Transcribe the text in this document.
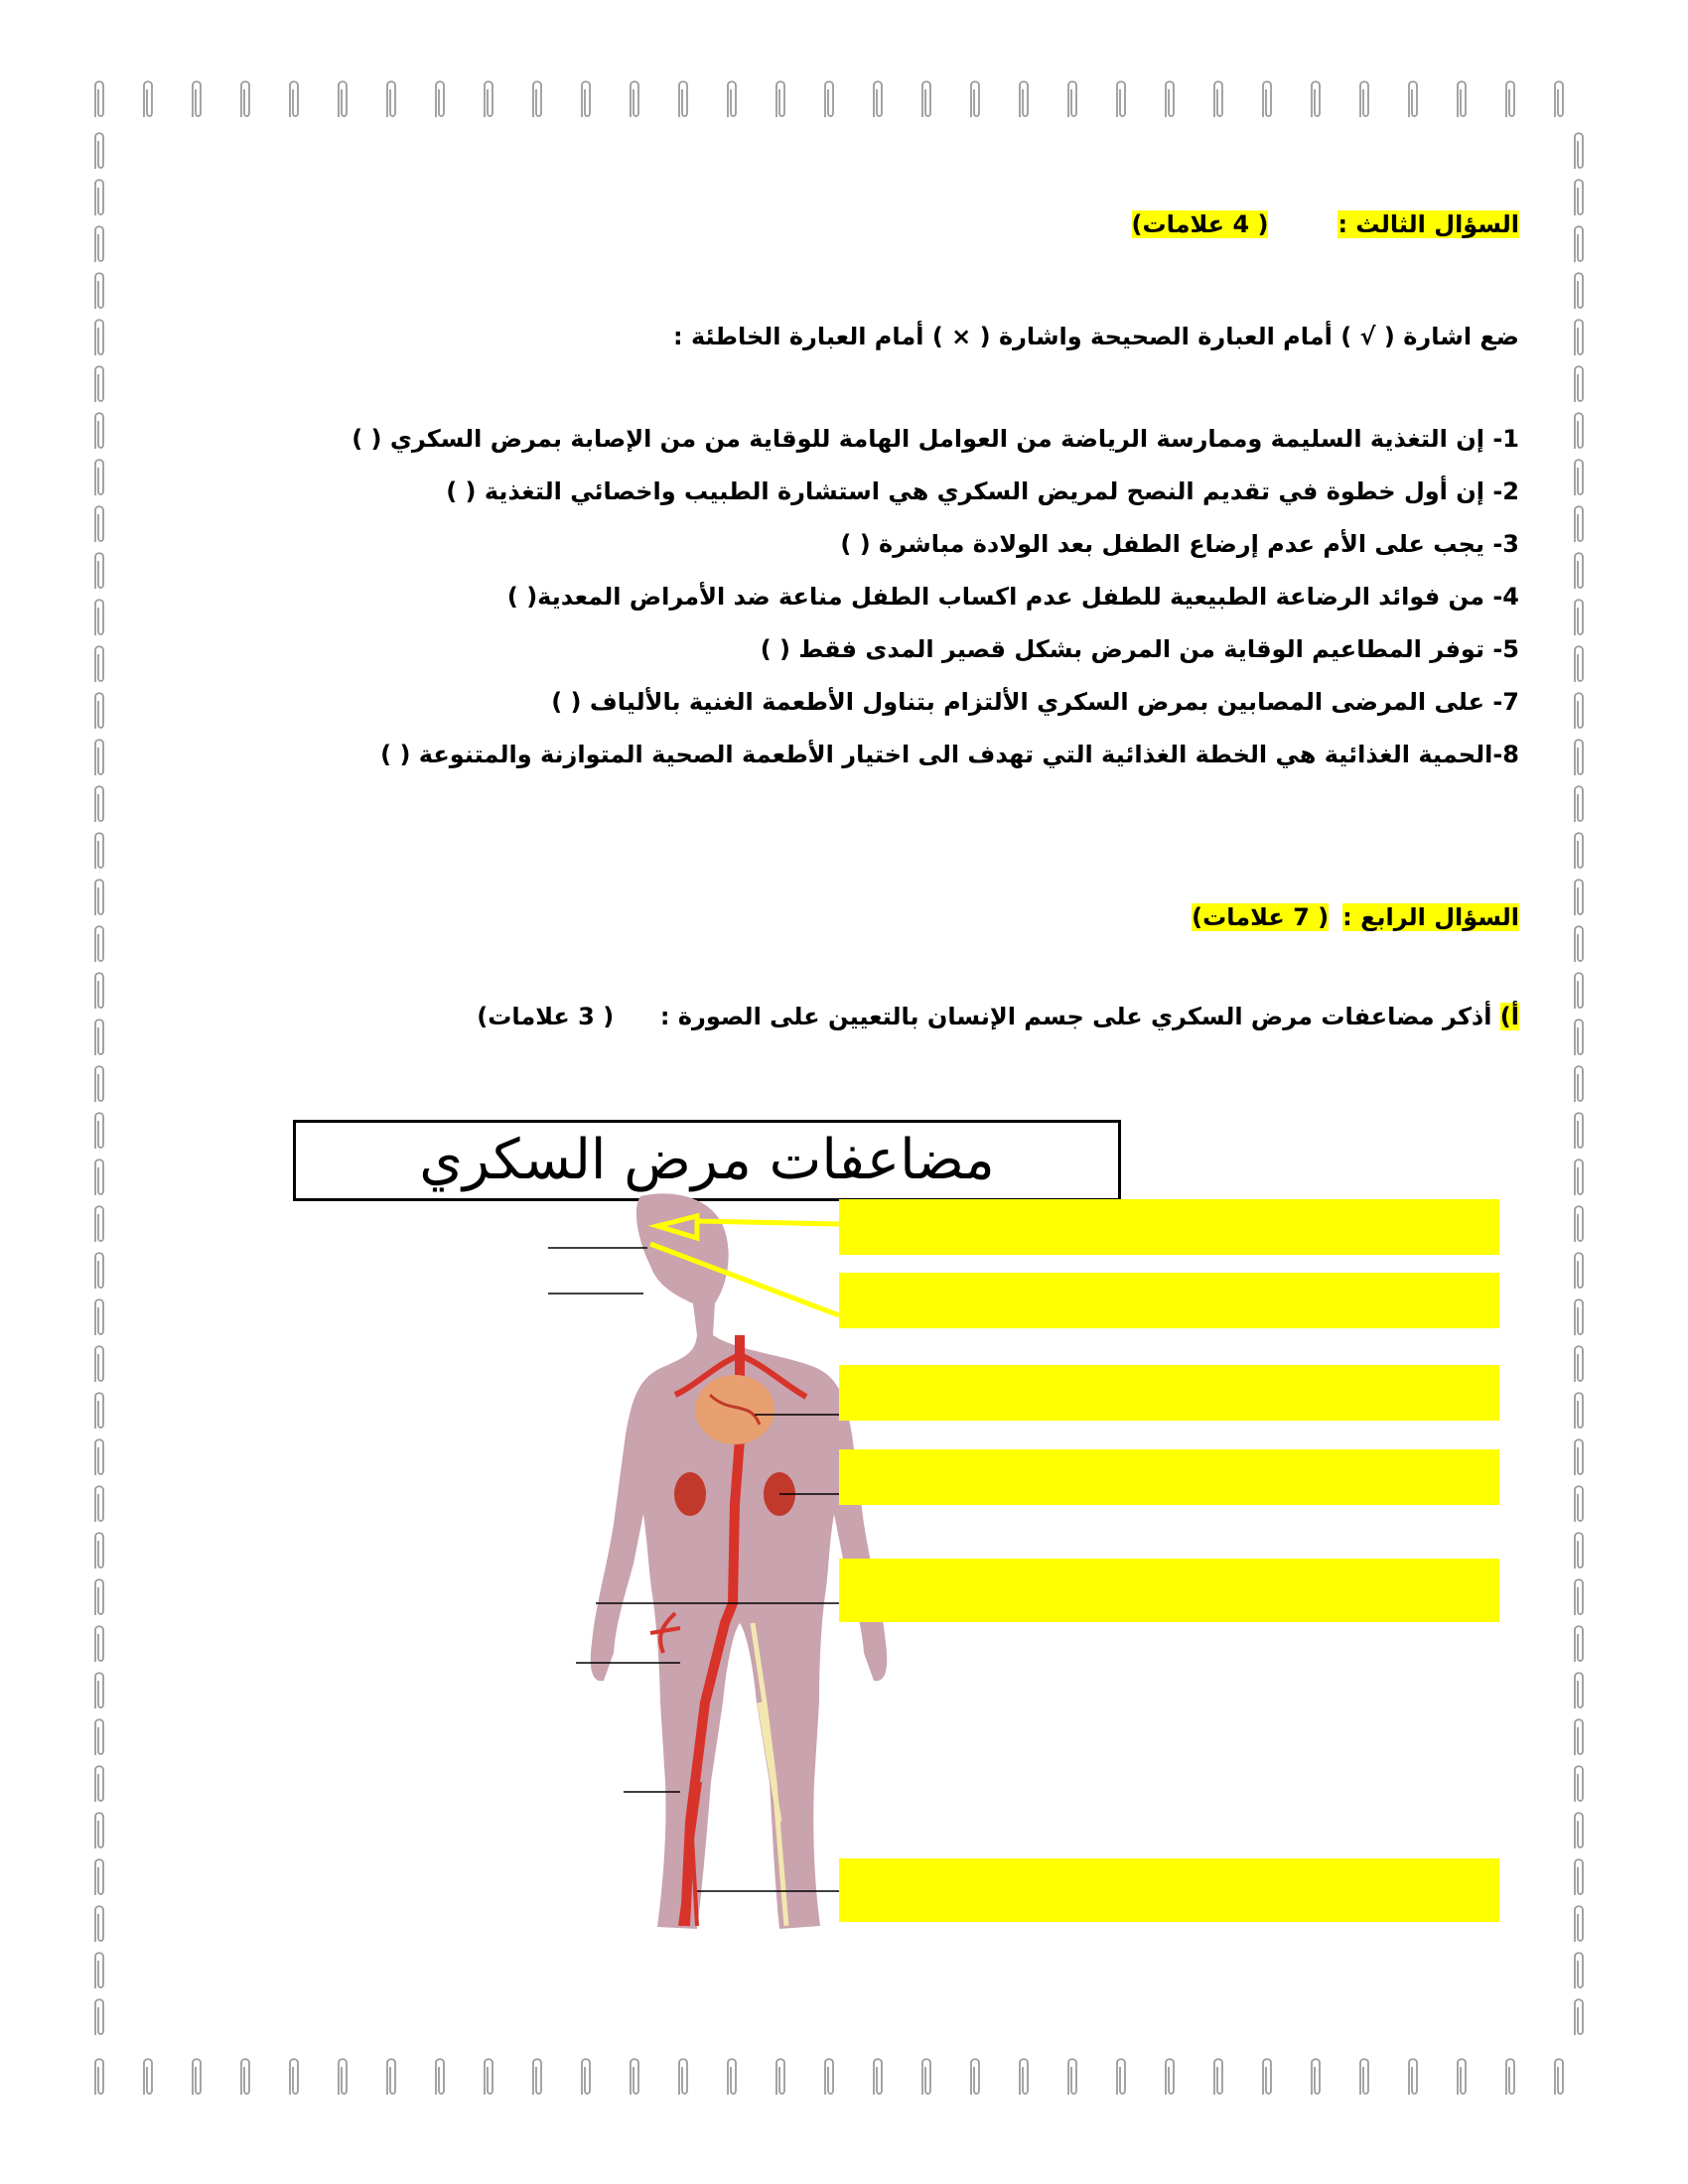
السؤال الثالث :( 4 علامات)
ضع اشارة ( √ ) أمام العبارة الصحيحة واشارة ( × ) أمام العبارة الخاطئة :
1- إن التغذية السليمة وممارسة الرياضة من العوامل الهامة للوقاية من من الإصابة بمرض السكري ( )
2- إن أول خطوة في تقديم النصح لمريض السكري هي استشارة الطبيب واخصائي التغذية ( )
3- يجب على الأم عدم إرضاع الطفل بعد الولادة مباشرة ( )
4- من فوائد الرضاعة الطبيعية للطفل عدم اكساب الطفل مناعة ضد الأمراض المعدية( )
5- توفر المطاعيم الوقاية من المرض بشكل قصير المدى فقط ( )
7- على المرضى المصابين بمرض السكري الألتزام بتناول الأطعمة الغنية بالألياف ( )
8-الحمية الغذائية هي الخطة الغذائية التي تهدف الى اختيار الأطعمة الصحية المتوازنة والمتنوعة ( )
السؤال الرابع :( 7 علامات)
أ) أذكر مضاعفات مرض السكري على جسم الإنسان بالتعيين على الصورة :  ( 3 علامات)
مضاعفات مرض السكري
